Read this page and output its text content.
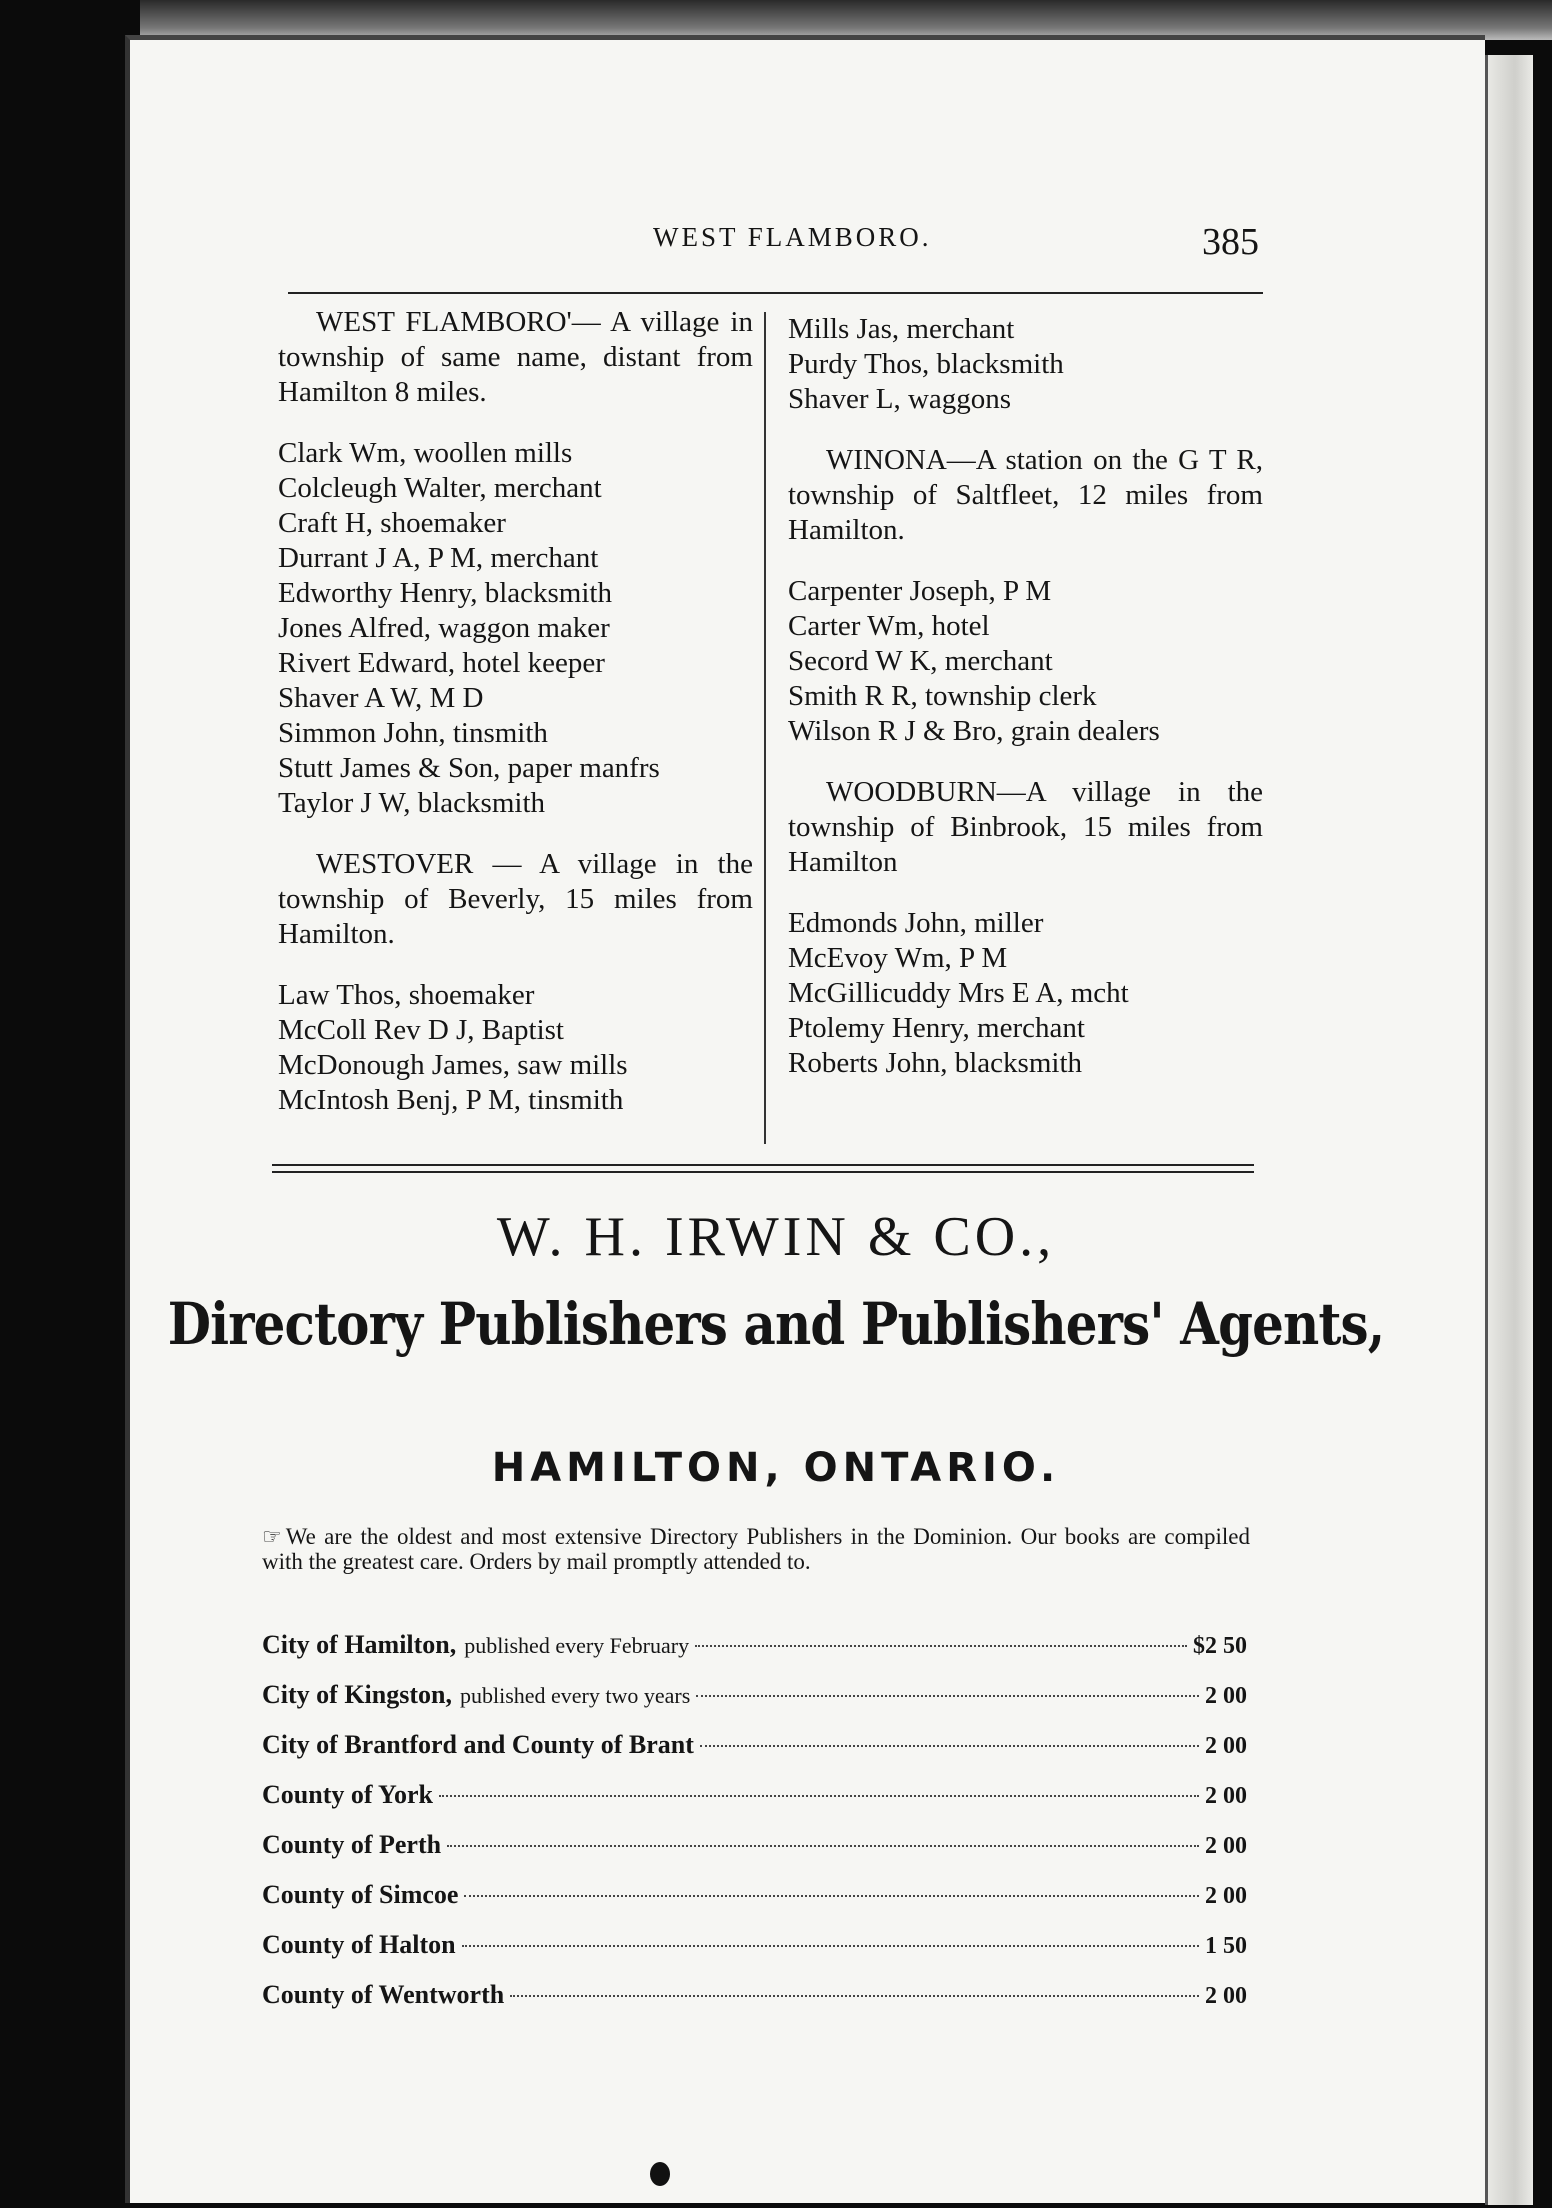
WEST FLAMBORO.	385

WEST FLAMBORO'— A village in township of same name, distant from Hamilton 8 miles.

Clark Wm, woollen mills

Colcleugh Walter, merchant

Craft H, shoemaker

Durrant J A, P M, merchant

Edworthy Henry, blacksmith

Jones Alfred, waggon maker

Rivert Edward, hotel keeper

Shaver A W, M D

Simmon John, tinsmith

Stutt James & Son, paper manfrs

Taylor J W, blacksmith

WESTOVER — A village in the township of Beverly, 15 miles from Hamilton.

Law Thos, shoemaker

McColl Rev D J, Baptist

McDonough James, saw mills

McIntosh Benj, P M, tinsmith

Mills Jas, merchant

Purdy Thos, blacksmith

Shaver L, waggons

WINONA—A station on the G T R, township of Saltfleet, 12 miles from Hamilton.

Carpenter Joseph, P M

Carter Wm, hotel

Secord W K, merchant

Smith R R, township clerk

Wilson R J & Bro, grain dealers

WOODBURN—A village in the township of Binbrook, 15 miles from Hamilton

Edmonds John, miller

McEvoy Wm, P M

McGillicuddy Mrs E A, mcht

Ptolemy Henry, merchant

Roberts John, blacksmith

W. H. IRWIN & CO.,
Directory Publishers and Publishers' Agents,
HAMILTON, ONTARIO.
☞ We are the oldest and most extensive Directory Publishers in the Dominion. Our books are compiled with the greatest care. Orders by mail promptly attended to.
City of Hamilton, published every February	$2 50
City of Kingston, published every two years	2 00
City of Brantford and County of Brant	2 00
County of York	2 00
County of Perth	2 00
County of Simcoe	2 00
County of Halton	1 50
County of Wentworth	2 00
